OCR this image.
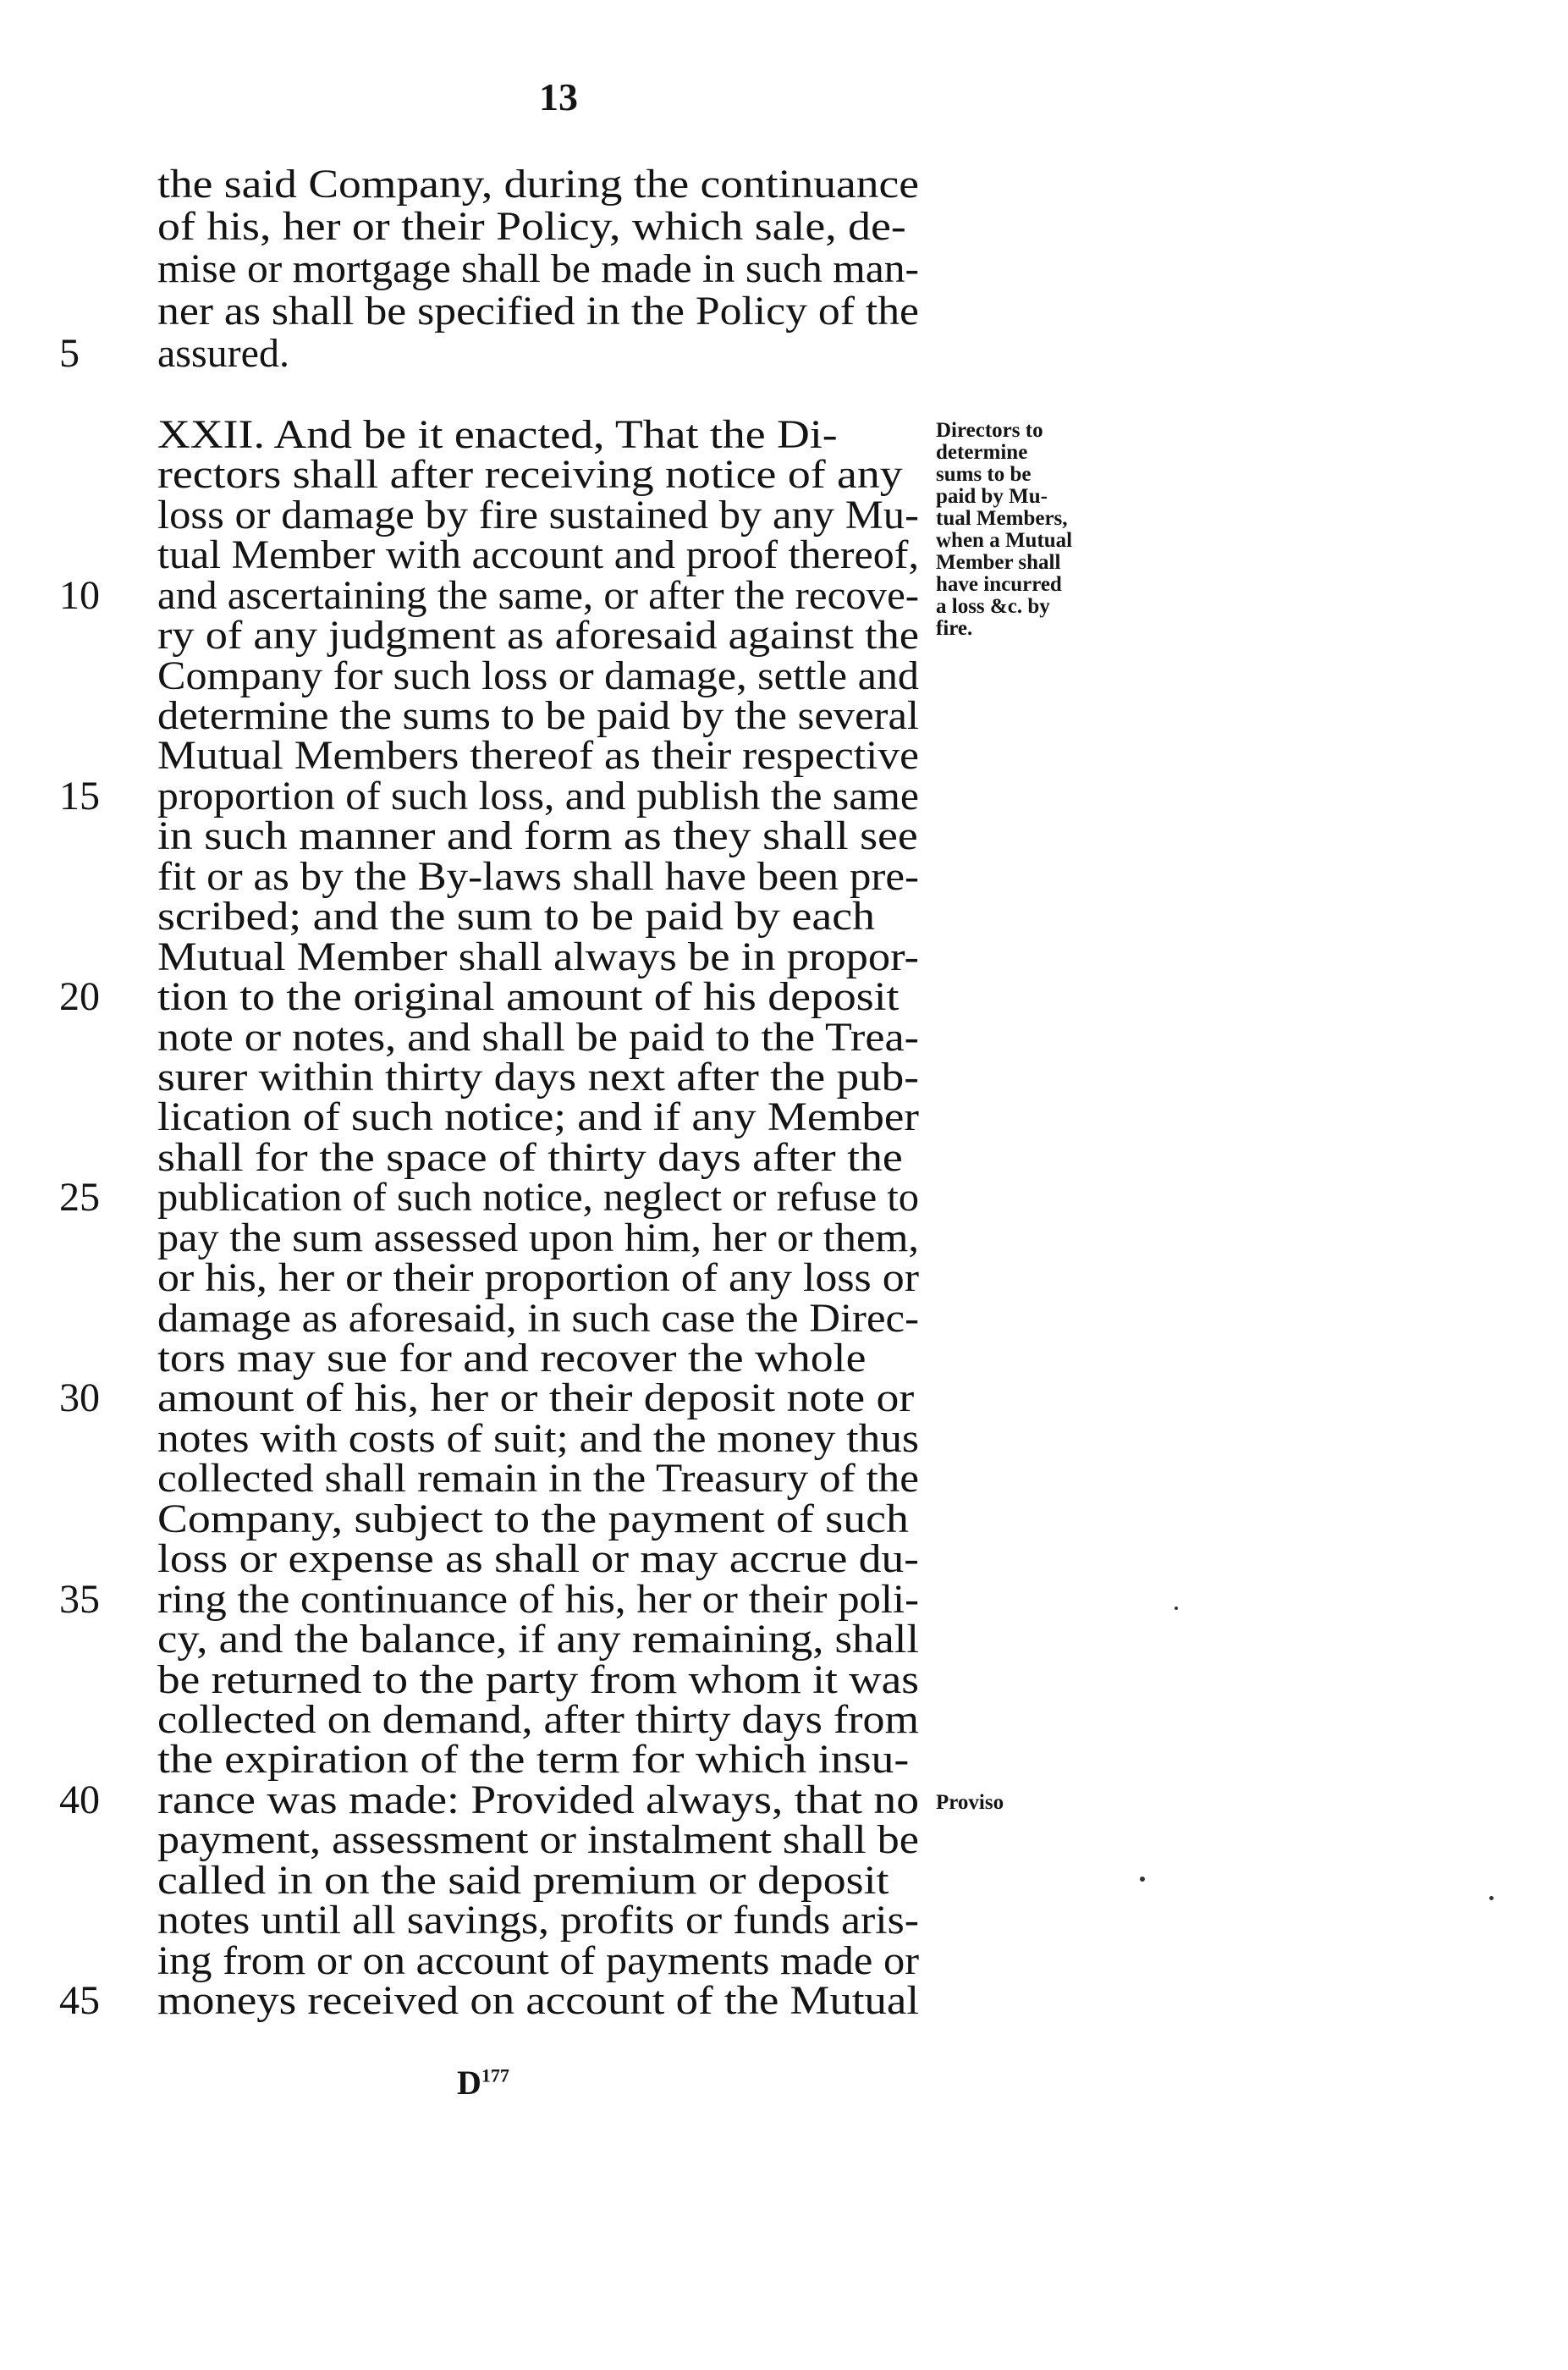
13
the said Company, during the continuance
of his, her or their Policy, which sale, de-
mise or mortgage shall be made in such man-
ner as shall be specified in the Policy of the
assured.
XXII. And be it enacted, That the Di-
rectors shall after receiving notice of any
loss or damage by fire sustained by any Mu-
tual Member with account and proof thereof,
and ascertaining the same, or after the recove-
ry of any judgment as aforesaid against the
Company for such loss or damage, settle and
determine the sums to be paid by the several
Mutual Members thereof as their respective
proportion of such loss, and publish the same
in such manner and form as they shall see
fit or as by the By-laws shall have been pre-
scribed; and the sum to be paid by each
Mutual Member shall always be in propor-
tion to the original amount of his deposit
note or notes, and shall be paid to the Trea-
surer within thirty days next after the pub-
lication of such notice; and if any Member
shall for the space of thirty days after the
publication of such notice, neglect or refuse to
pay the sum assessed upon him, her or them,
or his, her or their proportion of any loss or
damage as aforesaid, in such case the Direc-
tors may sue for and recover the whole
amount of his, her or their deposit note or
notes with costs of suit; and the money thus
collected shall remain in the Treasury of the
Company, subject to the payment of such
loss or expense as shall or may accrue du-
ring the continuance of his, her or their poli-
cy, and the balance, if any remaining, shall
be returned to the party from whom it was
collected on demand, after thirty days from
the expiration of the term for which insu-
rance was made: Provided always, that no
payment, assessment or instalment shall be
called in on the said premium or deposit
notes until all savings, profits or funds aris-
ing from or on account of payments made or
moneys received on account of the Mutual
5
10
15
20
25
30
35
40
45
Directors to
determine
sums to be
paid by Mu-
tual Members,
when a Mutual
Member shall
have incurred
a loss &c. by
fire.
Proviso
$D^{177}$
